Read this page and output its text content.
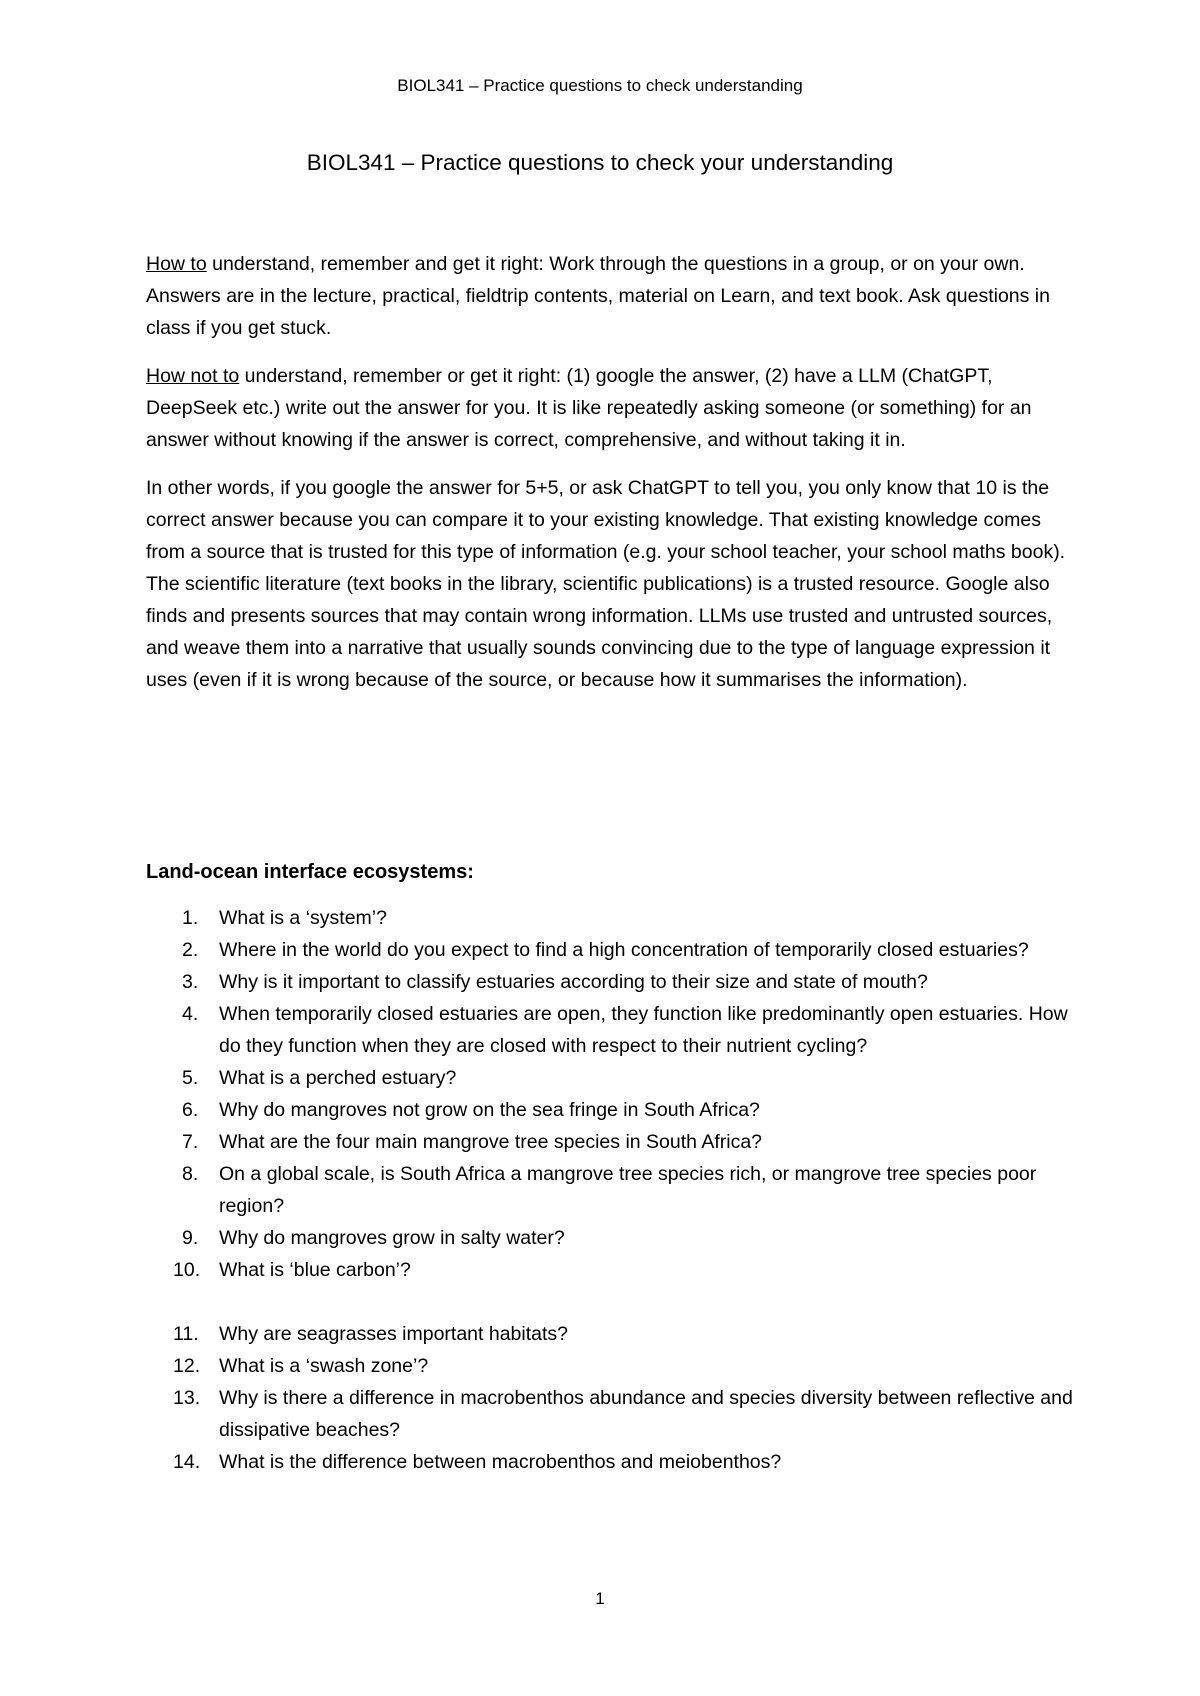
BIOL341 – Practice questions to check understanding
BIOL341 – Practice questions to check your understanding

How to understand, remember and get it right: Work through the questions in a group, or on your own. Answers are in the lecture, practical, fieldtrip contents, material on Learn, and text book. Ask questions in class if you get stuck.

How not to understand, remember or get it right: (1) google the answer, (2) have a LLM (ChatGPT, DeepSeek etc.) write out the answer for you. It is like repeatedly asking someone (or something) for an answer without knowing if the answer is correct, comprehensive, and without taking it in.

In other words, if you google the answer for 5+5, or ask ChatGPT to tell you, you only know that 10 is the correct answer because you can compare it to your existing knowledge. That existing knowledge comes from a source that is trusted for this type of information (e.g. your school teacher, your school maths book). The scientific literature (text books in the library, scientific publications) is a trusted resource. Google also finds and presents sources that may contain wrong information. LLMs use trusted and untrusted sources, and weave them into a narrative that usually sounds convincing due to the type of language expression it uses (even if it is wrong because of the source, or because how it summarises the information).

Land-ocean interface ecosystems:
1. What is a ‘system’?
2. Where in the world do you expect to find a high concentration of temporarily closed estuaries?
3. Why is it important to classify estuaries according to their size and state of mouth?
4. When temporarily closed estuaries are open, they function like predominantly open estuaries. How do they function when they are closed with respect to their nutrient cycling?
5. What is a perched estuary?
6. Why do mangroves not grow on the sea fringe in South Africa?
7. What are the four main mangrove tree species in South Africa?
8. On a global scale, is South Africa a mangrove tree species rich, or mangrove tree species poor region?
9. Why do mangroves grow in salty water?
10. What is ‘blue carbon’?
11. Why are seagrasses important habitats?
12. What is a ‘swash zone’?
13. Why is there a difference in macrobenthos abundance and species diversity between reflective and dissipative beaches?
14. What is the difference between macrobenthos and meiobenthos?
1
